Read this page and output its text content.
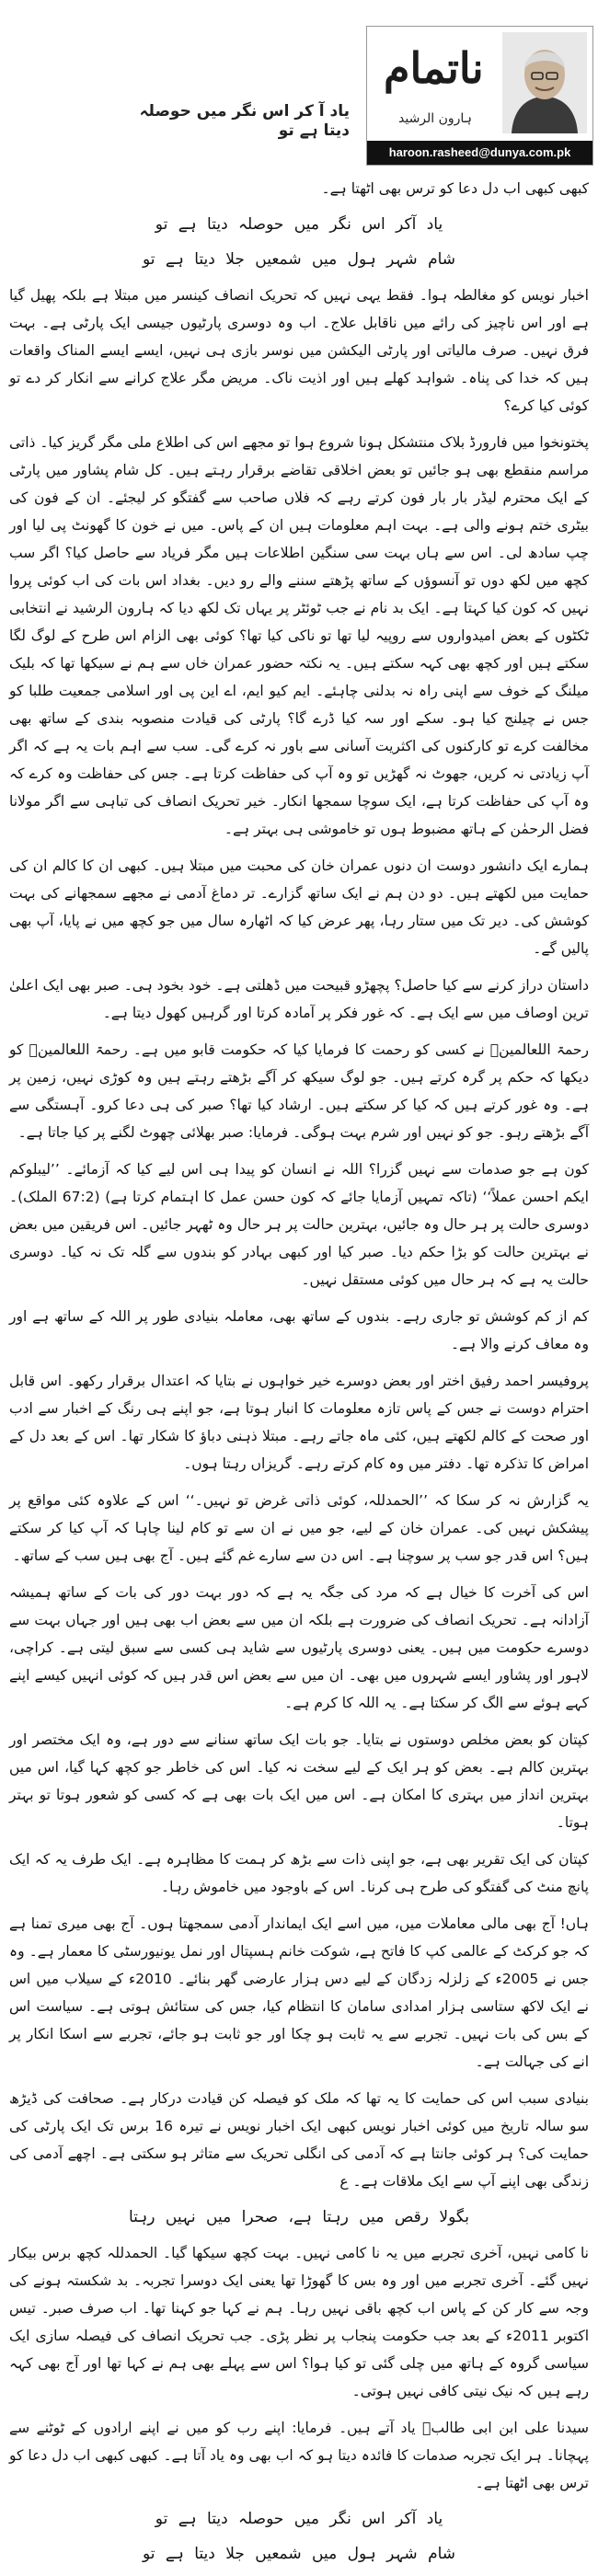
یاد آ کر اس نگر میں حوصلہ دیتا ہے تو
ناتمام
ہارون الرشید
haroon.rasheed@dunya.com.pk

کبھی کبھی اب دل دعا کو ترس بھی اٹھتا ہے۔

یاد آکر اس نگر میں حوصلہ دیتا ہے تو
شام شہر ہول میں شمعیں جلا دیتا ہے تو

اخبار نویس کو مغالطہ ہوا۔ فقط یہی نہیں کہ تحریک انصاف کینسر میں مبتلا ہے بلکہ پھیل گیا ہے اور اس ناچیز کی رائے میں ناقابل علاج۔ اب وہ دوسری پارٹیوں جیسی ایک پارٹی ہے۔ بہت فرق نہیں۔ صرف مالیاتی اور پارٹی الیکشن میں نوسر بازی ہی نہیں، ایسے ایسے المناک واقعات ہیں کہ خدا کی پناہ۔ شواہد کھلے ہیں اور اذیت ناک۔ مریض مگر علاج کرانے سے انکار کر دے تو کوئی کیا کرے؟

پختونخوا میں فارورڈ بلاک منتشکل ہونا شروع ہوا تو مجھے اس کی اطلاع ملی مگر گریز کیا۔ ذاتی مراسم منقطع بھی ہو جائیں تو بعض اخلاقی تقاضے برقرار رہتے ہیں۔ کل شام پشاور میں پارٹی کے ایک محترم لیڈر بار بار فون کرتے رہے کہ فلاں صاحب سے گفتگو کر لیجئے۔ ان کے فون کی بیٹری ختم ہونے والی ہے۔ بہت اہم معلومات ہیں ان کے پاس۔ میں نے خون کا گھونٹ پی لیا اور چپ سادھ لی۔ اس سے ہاں بہت سی سنگین اطلاعات ہیں مگر فریاد سے حاصل کیا؟ اگر سب کچھ میں لکھ دوں تو آنسوؤں کے ساتھ پڑھتے سننے والے رو دیں۔ بغداد اس بات کی اب کوئی پروا نہیں کہ کون کیا کہتا ہے۔ ایک بد نام نے جب ٹوئٹر پر یہاں تک لکھ دیا کہ ہارون الرشید نے انتخابی ٹکٹوں کے بعض امیدواروں سے روپیہ لیا تھا تو ناکی کیا تھا؟ کوئی بھی الزام اس طرح کے لوگ لگا سکتے ہیں اور کچھ بھی کہہ سکتے ہیں۔ یہ نکتہ حضور عمران خاں سے ہم نے سیکھا تھا کہ بلیک میلنگ کے خوف سے اپنی راہ نہ بدلنی چاہئے۔ ایم کیو ایم، اے این پی اور اسلامی جمعیت طلبا کو جس نے چیلنج کیا ہو۔ سکے اور سہ کیا ڈرے گا؟ پارٹی کی قیادت منصوبہ بندی کے ساتھ بھی مخالفت کرے تو کارکنوں کی اکثریت آسانی سے باور نہ کرے گی۔ سب سے اہم بات یہ ہے کہ اگر آپ زیادتی نہ کریں، جھوٹ نہ گھڑیں تو وہ آپ کی حفاظت کرتا ہے۔ جس کی حفاظت وہ کرے کہ وہ آپ کی حفاظت کرتا ہے، ایک سوچا سمجھا انکار۔ خیر تحریک انصاف کی تباہی سے اگر مولانا فضل الرحمٰن کے ہاتھ مضبوط ہوں تو خاموشی ہی بہتر ہے۔

ہمارے ایک دانشور دوست ان دنوں عمران خان کی محبت میں مبتلا ہیں۔ کبھی ان کا کالم ان کی حمایت میں لکھتے ہیں۔ دو دن ہم نے ایک ساتھ گزارے۔ تر دماغ آدمی نے مجھے سمجھانے کی بہت کوشش کی۔ دیر تک میں ستار رہا، پھر عرض کیا کہ اٹھارہ سال میں جو کچھ میں نے پایا، آپ بھی پالیں گے۔

داستان دراز کرنے سے کیا حاصل؟ پچھڑو قبیحت میں ڈھلتی ہے۔ خود بخود ہی۔ صبر بھی ایک اعلیٰ ترین اوصاف میں سے ایک ہے۔ کہ غور فکر پر آمادہ کرتا اور گرہیں کھول دیتا ہے۔

رحمۃ اللعالمینؐ نے کسی کو رحمت کا فرمایا کیا کہ حکومت قابو میں ہے۔ رحمۃ اللعالمینؐ کو دیکھا کہ حکم پر گرہ کرتے ہیں۔ جو لوگ سیکھ کر آگے بڑھتے رہتے ہیں وہ کوڑی نہیں، زمین پر ہے۔ وہ غور کرتے ہیں کہ کیا کر سکتے ہیں۔ ارشاد کیا تھا؟ صبر کی ہی دعا کرو۔ آہستگی سے آگے بڑھتے رہو۔ جو کو نہیں اور شرم بہت ہوگی۔ فرمایا: صبر بھلائی چھوٹ لگنے پر کیا جاتا ہے۔

کون ہے جو صدمات سے نہیں گزرا؟ اللہ نے انسان کو پیدا ہی اس لیے کیا کہ آزمائے۔ ’’لیبلوکم ایکم احسن عملاً‘‘ (تاکہ تمہیں آزمایا جائے کہ کون حسن عمل کا اہتمام کرتا ہے) (67:2 الملک)۔ دوسری حالت پر ہر حال وہ جائیں، بہترین حالت پر ہر حال وہ ٹھہر جائیں۔ اس فریقین میں بعض نے بہترین حالت کو بڑا حکم دیا۔ صبر کیا اور کبھی بہادر کو بندوں سے گلہ تک نہ کیا۔ دوسری حالت یہ ہے کہ ہر حال میں کوئی مستقل نہیں۔

کم از کم کوشش تو جاری رہے۔ بندوں کے ساتھ بھی، معاملہ بنیادی طور پر اللہ کے ساتھ ہے اور وہ معاف کرنے والا ہے۔

پروفیسر احمد رفیق اختر اور بعض دوسرے خیر خواہوں نے بتایا کہ اعتدال برقرار رکھو۔ اس قابل احترام دوست نے جس کے پاس تازہ معلومات کا انبار ہوتا ہے، جو اپنے ہی رنگ کے اخبار سے ادب اور صحت کے کالم لکھتے ہیں، کئی ماہ جاتے رہے۔ مبتلا ذہنی دباؤ کا شکار تھا۔ اس کے بعد دل کے امراض کا تذکرہ تھا۔ دفتر میں وہ کام کرتے رہے۔ گریزاں رہتا ہوں۔

یہ گزارش نہ کر سکا کہ ’’الحمدللہ، کوئی ذاتی غرض تو نہیں۔‘‘ اس کے علاوہ کئی مواقع پر پیشکش نہیں کی۔ عمران خان کے لیے، جو میں نے ان سے تو کام لینا چاہا کہ آپ کیا کر سکتے ہیں؟ اس قدر جو سب پر سوچنا ہے۔ اس دن سے سارے غم گئے ہیں۔ آج بھی ہیں سب کے ساتھ۔

اس کی آخرت کا خیال ہے کہ مرد کی جگہ یہ ہے کہ دور بہت دور کی بات کے ساتھ ہمیشہ آزادانہ ہے۔ تحریک انصاف کی ضرورت ہے بلکہ ان میں سے بعض اب بھی ہیں اور جہاں بہت سے دوسرے حکومت میں ہیں۔ یعنی دوسری پارٹیوں سے شاید ہی کسی سے سبق لیتی ہے۔ کراچی، لاہور اور پشاور ایسے شہروں میں بھی۔ ان میں سے بعض اس قدر ہیں کہ کوئی انہیں کیسے اپنے کہے ہوئے سے الگ کر سکتا ہے۔ یہ اللہ کا کرم ہے۔

کپتان کو بعض مخلص دوستوں نے بتایا۔ جو بات ایک ساتھ سنانے سے دور ہے، وہ ایک مختصر اور بہترین کالم ہے۔ بعض کو ہر ایک کے لیے سخت نہ کیا۔ اس کی خاطر جو کچھ کہا گیا، اس میں بہترین انداز میں بہتری کا امکان ہے۔ اس میں ایک بات بھی ہے کہ کسی کو شعور ہوتا تو بہتر ہوتا۔

کپتان کی ایک تقریر بھی ہے، جو اپنی ذات سے بڑھ کر ہمت کا مظاہرہ ہے۔ ایک طرف یہ کہ ایک پانچ منٹ کی گفتگو کی طرح ہی کرنا۔ اس کے باوجود میں خاموش رہا۔

ہاں! آج بھی مالی معاملات میں، میں اسے ایک ایماندار آدمی سمجھتا ہوں۔ آج بھی میری تمنا ہے کہ جو کرکٹ کے عالمی کپ کا فاتح ہے، شوکت خانم ہسپتال اور نمل یونیورسٹی کا معمار ہے۔ وہ جس نے 2005ء کے زلزلہ زدگان کے لیے دس ہزار عارضی گھر بنائے۔ 2010ء کے سیلاب میں اس نے ایک لاکھ ستاسی ہزار امدادی سامان کا انتظام کیا، جس کی ستائش ہوتی ہے۔ سیاست اس کے بس کی بات نہیں۔ تجربے سے یہ ثابت ہو چکا اور جو ثابت ہو جائے، تجربے سے اسکا انکار پر انے کی جہالت ہے۔

بنیادی سبب اس کی حمایت کا یہ تھا کہ ملک کو فیصلہ کن قیادت درکار ہے۔ صحافت کی ڈیڑھ سو سالہ تاریخ میں کوئی اخبار نویس کبھی ایک اخبار نویس نے تیرہ 16 برس تک ایک پارٹی کی حمایت کی؟ ہر کوئی جانتا ہے کہ آدمی کی انگلی تحریک سے متاثر ہو سکتی ہے۔ اچھے آدمی کی زندگی بھی اپنے آپ سے ایک ملاقات ہے۔ ع

بگولا رقص میں رہتا ہے، صحرا میں نہیں رہتا

نا کامی نہیں، آخری تجربے میں یہ نا کامی نہیں۔ بہت کچھ سیکھا گیا۔ الحمدللہ کچھ برس بیکار نہیں گئے۔ آخری تجربے میں اور وہ بس کا گھوڑا تھا یعنی ایک دوسرا تجربہ۔ بد شکستہ ہونے کی وجہ سے کار کن کے پاس اب کچھ باقی نہیں رہا۔ ہم نے کہا جو کہنا تھا۔ اب صرف صبر۔ تیس اکتوبر 2011ء کے بعد جب حکومت پنجاب پر نظر پڑی۔ جب تحریک انصاف کی فیصلہ سازی ایک سیاسی گروہ کے ہاتھ میں چلی گئی تو کیا ہوا؟ اس سے پہلے بھی ہم نے کہا تھا اور آج بھی کہہ رہے ہیں کہ نیک نیتی کافی نہیں ہوتی۔

سیدنا علی ابن ابی طالبؓ یاد آتے ہیں۔ فرمایا: اپنے رب کو میں نے اپنے ارادوں کے ٹوٹنے سے پہچانا۔ ہر ایک تجربہ صدمات کا فائدہ دیتا ہو کہ اب بھی وہ یاد آتا ہے۔ کبھی کبھی اب دل دعا کو ترس بھی اٹھتا ہے۔

یاد آکر اس نگر میں حوصلہ دیتا ہے تو
شام شہر ہول میں شمعیں جلا دیتا ہے تو
